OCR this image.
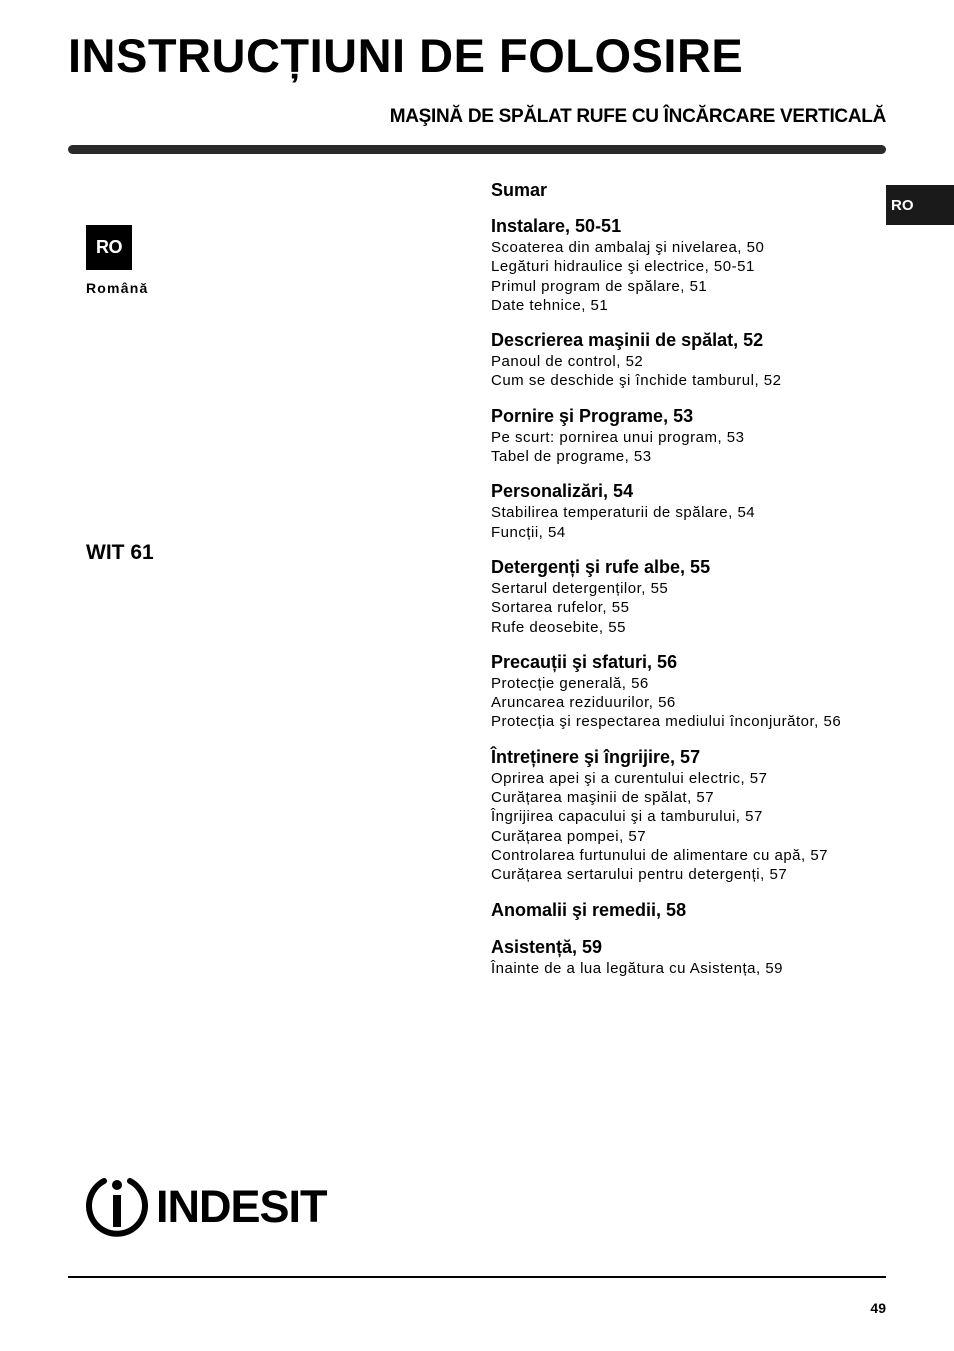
INSTRUCȚIUNI DE FOLOSIRE
MAŞINĂ DE SPĂLAT RUFE CU ÎNCĂRCARE VERTICALĂ
RO
RO
Română
WIT 61
Sumar
Instalare, 50-51
Scoaterea din ambalaj şi nivelarea, 50
Legături hidraulice şi electrice, 50-51
Primul program de spălare, 51
Date tehnice, 51
Descrierea maşinii de spălat, 52
Panoul de control, 52
Cum se deschide şi închide tamburul, 52
Pornire şi Programe, 53
Pe scurt: pornirea unui program, 53
Tabel de programe, 53
Personalizări, 54
Stabilirea temperaturii de spălare, 54
Funcții, 54
Detergenți şi rufe albe, 55
Sertarul detergenților, 55
Sortarea rufelor, 55
Rufe deosebite, 55
Precauții şi sfaturi, 56
Protecție generală, 56
Aruncarea reziduurilor, 56
Protecția şi respectarea mediului înconjurător, 56
Întreținere şi îngrijire, 57
Oprirea apei şi a curentului electric, 57
Curățarea maşinii de spălat, 57
Îngrijirea capacului şi a tamburului, 57
Curățarea pompei, 57
Controlarea furtunului de alimentare cu apă, 57
Curățarea sertarului pentru detergenți, 57
Anomalii şi remedii, 58
Asistență, 59
Înainte de a lua legătura cu Asistența, 59
INDESIT
49
